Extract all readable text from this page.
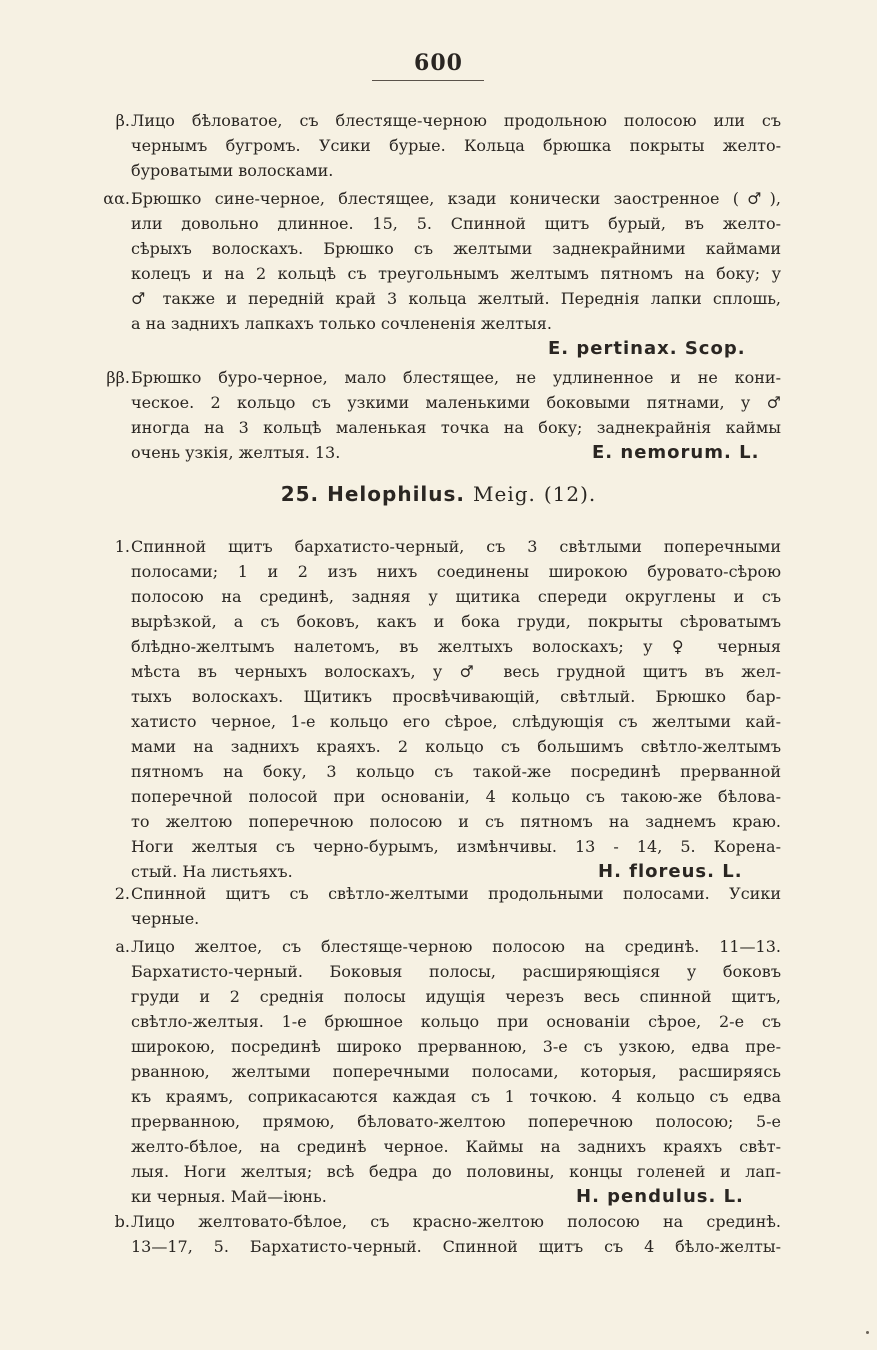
600
β. Лицо бѣловатое, съ блестяще-черною продольною полосою или съ
чернымъ бугромъ. Усики бурые. Кольца брюшка покрыты желто-
буроватыми волосками.
αα. Брюшко сине-черное, блестящее, кзади конически заостренное (♂),
или довольно длинное. 15, 5. Спинной щитъ бурый, въ желто-
сѣрыхъ волоскахъ. Брюшко съ желтыми заднекрайними каймами
колецъ и на 2 кольцѣ съ треугольнымъ желтымъ пятномъ на боку; у
♂ также и передній край 3 кольца желтый. Переднія лапки сплошь,
а на заднихъ лапкахъ только сочлененія желтыя.
E. pertinax. Scop.
ββ. Брюшко буро-черное, мало блестящее, не удлиненное и не кони-
ческое. 2 кольцо съ узкими маленькими боковыми пятнами, у ♂
иногда на 3 кольцѣ маленькая точка на боку; заднекрайнія каймы
очень узкія, желтыя. 13.	E. nemorum. L.
25. Helophilus. Meig. (12).
1. Спинной щитъ бархатисто-черный, съ 3 свѣтлыми поперечными
полосами; 1 и 2 изъ нихъ соединены широкою буровато-сѣрою
полосою на срединѣ, задняя у щитика спереди округлены и съ
вырѣзкой, а съ боковъ, какъ и бока груди, покрыты сѣроватымъ
блѣдно-желтымъ налетомъ, въ желтыхъ волоскахъ; у ♀ черныя
мѣста въ черныхъ волоскахъ, у ♂ весь грудной щитъ въ жел-
тыхъ волоскахъ. Щитикъ просвѣчивающій, свѣтлый. Брюшко бар-
хатисто черное, 1-е кольцо его сѣрое, слѣдующія съ желтыми кай-
мами на заднихъ краяхъ. 2 кольцо съ большимъ свѣтло-желтымъ
пятномъ на боку, 3 кольцо съ такой-же посрединѣ прерванной
поперечной полосой при основаніи, 4 кольцо съ такою-же бѣлова-
то желтою поперечною полосою и съ пятномъ на заднемъ краю.
Ноги желтыя съ черно-бурымъ, измѣнчивы. 13 - 14, 5. Корена-
стый. На листьяхъ.	H. floreus. L.
2. Спинной щитъ съ свѣтло-желтыми продольными полосами. Усики
черные.
a. Лицо желтое, съ блестяще-черною полосою на срединѣ. 11—13.
Бархатисто-черный. Боковыя полосы, расширяющіяся у боковъ
груди и 2 среднія полосы идущія черезъ весь спинной щитъ,
свѣтло-желтыя. 1-е брюшное кольцо при основаніи сѣрое, 2-е съ
широкою, посрединѣ широко прерванною, 3-е съ узкою, едва пре-
рванною, желтыми поперечными полосами, которыя, расширяясь
къ краямъ, соприкасаются каждая съ 1 точкою. 4 кольцо съ едва
прерванною, прямою, бѣловато-желтою поперечною полосою; 5-е
желто-бѣлое, на срединѣ черное. Каймы на заднихъ краяхъ свѣт-
лыя. Ноги желтыя; всѣ бедра до половины, концы голеней и лап-
ки черныя. Май—іюнь.	H. pendulus. L.
b. Лицо желтовато-бѣлое, съ красно-желтою полосою на срединѣ.
13—17, 5. Бархатисто-черный. Спинной щитъ съ 4 бѣло-желты-
